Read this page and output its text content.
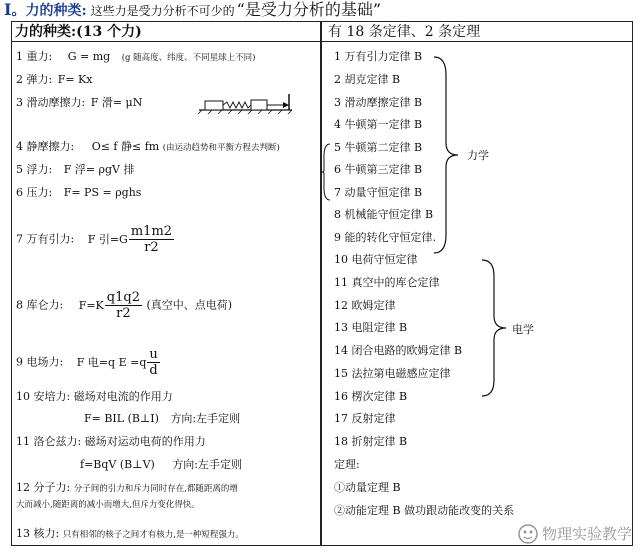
Ⅰ。力的种类: 这些力是受力分析不可少的 “是受力分析的基础”
力的种类:(13 个力)	有 18 条定律、2 条定理
1 重力: G = mg (g 随高度、纬度、不同星球上不同)
2 弹力: F= Kx
3 滑动摩擦力: F 滑= μN
4 静摩擦力: O≤ f 静≤ fm (由运动趋势和平衡方程去判断)
5 浮力: F 浮= ρgV 排
6 压力: F= PS = ρghs
7 万有引力: F 引$=G \frac{m1m2}{r2}$
8 库仑力: $F=K \frac{q1q2}{r2}$ (真空中、点电荷)
9 电场力: F 电=q $E =q \frac{u}{d}$
10 安培力: 磁场对电流的作用力
F= BIL (B⊥I) 方向:左手定则
11 洛仑兹力: 磁场对运动电荷的作用力
f=BqV (B⊥V) 方向:左手定则
12 分子力: 分子间的引力和斥力同时存在,都随距离的增
大而减小,随距离的减小而增大,但斥力变化得快。
13 核力: 只有相邻的核子之间才有核力,是一种短程强力。
1 万有引力定律 B
2 胡克定律 B
3 滑动摩擦定律 B
4 牛顿第一定律 B
5 牛顿第二定律 B
6 牛顿第三定律 B
7 动量守恒定律 B
8 机械能守恒定律 B
9 能的转化守恒定律.
10 电荷守恒定律
11 真空中的库仑定律
12 欧姆定律
13 电阻定律 B
14 闭合电路的欧姆定律 B
15 法拉第电磁感应定律
16 楞次定律 B
17 反射定律
18 折射定律 B
定理:
①动量定理 B
②动能定理 B 做功跟动能改变的关系
力学
电学
物理实验教学
